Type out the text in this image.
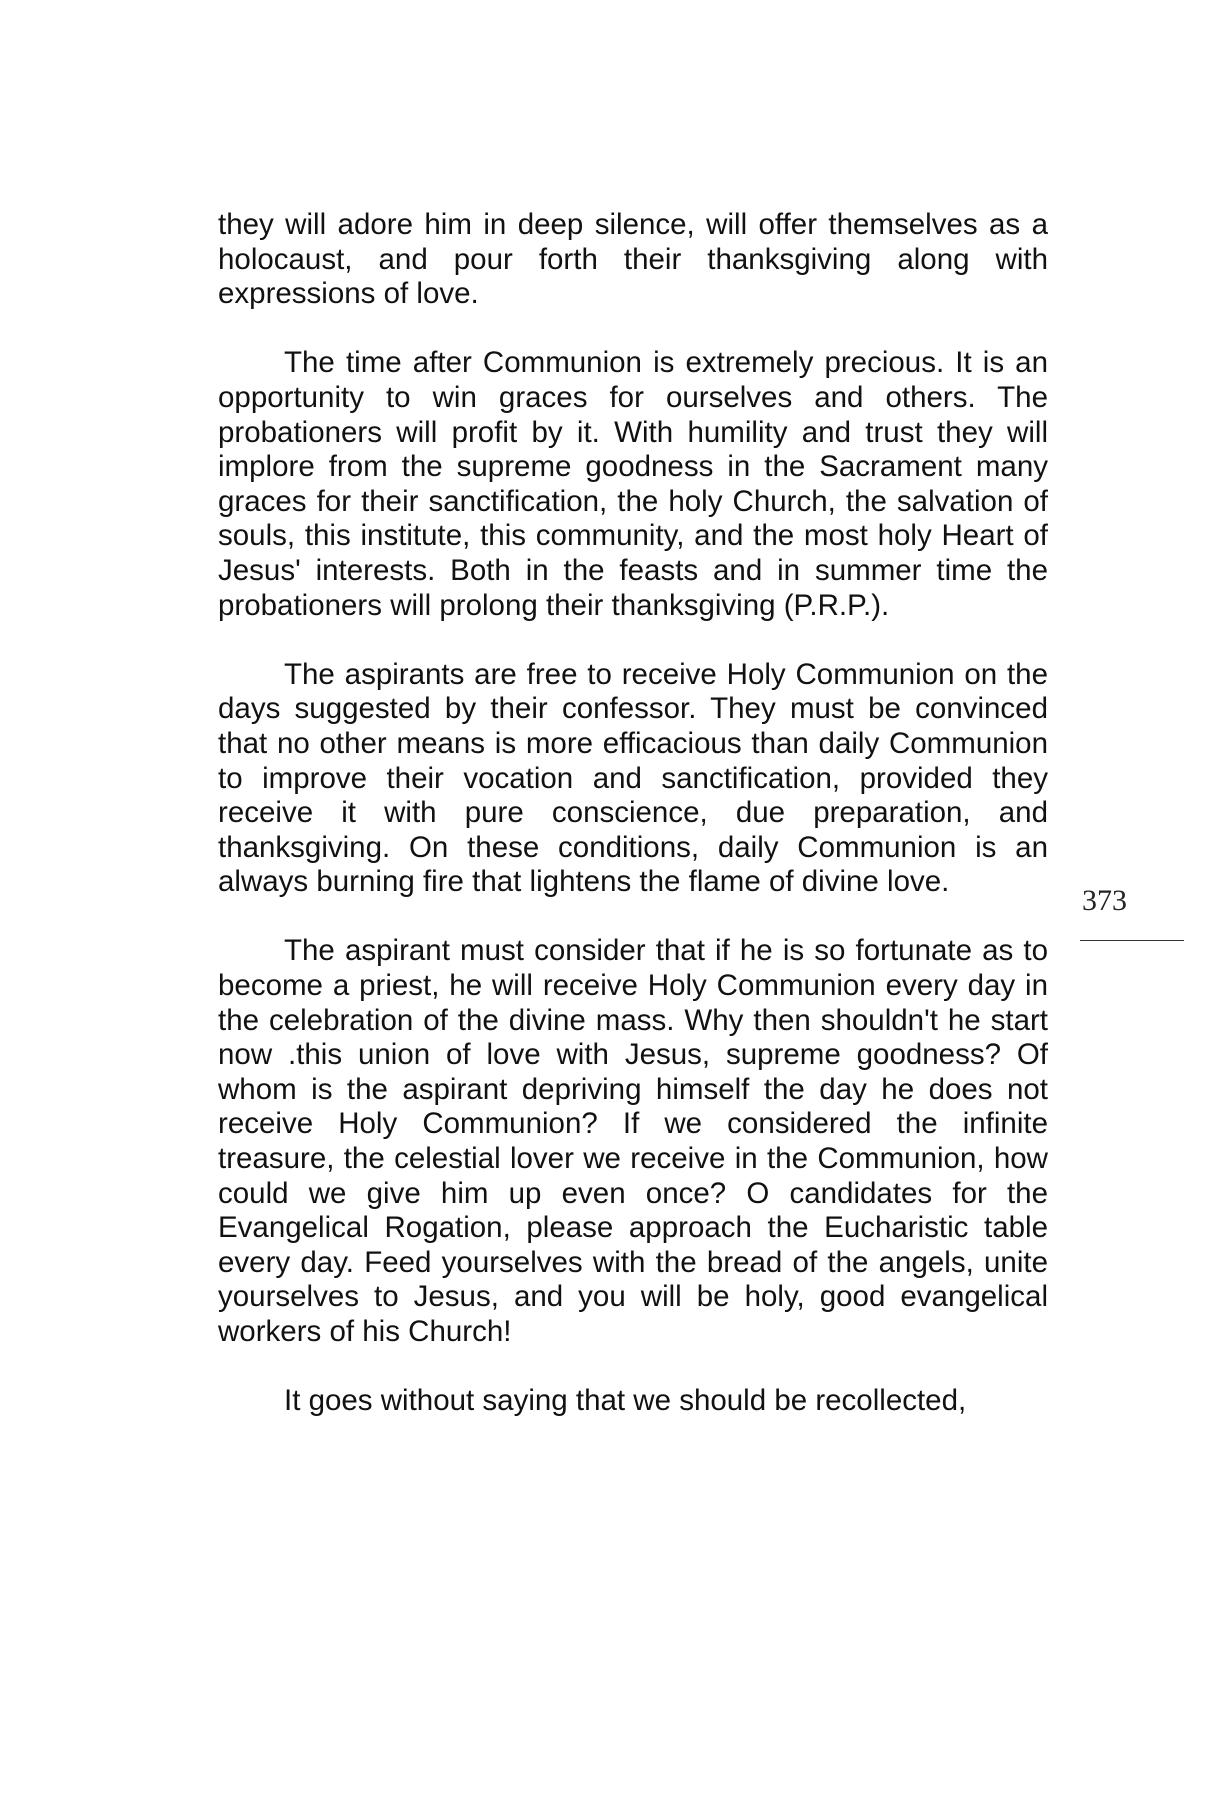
they will adore him in deep silence, will offer themselves as a holocaust, and pour forth their thanksgiving along with expressions of love.

The time after Communion is extremely precious. It is an opportunity to win graces for ourselves and others. The probationers will profit by it. With humility and trust they will implore from the supreme goodness in the Sacrament many graces for their sanctification, the holy Church, the salvation of souls, this institute, this community, and the most holy Heart of Jesus' interests. Both in the feasts and in summer time the probationers will prolong their thanksgiving (P.R.P.).

The aspirants are free to receive Holy Communion on the days suggested by their confessor. They must be convinced that no other means is more efficacious than daily Communion to improve their vocation and sanctification, provided they receive it with pure conscience, due preparation, and thanksgiving. On these conditions, daily Communion is an always burning fire that lightens the flame of divine love.

The aspirant must consider that if he is so fortunate as to become a priest, he will receive Holy Communion every day in the celebration of the divine mass. Why then shouldn't he start now .this union of love with Jesus, supreme goodness? Of whom is the aspirant depriving himself the day he does not receive Holy Communion? If we considered the infinite treasure, the celestial lover we receive in the Communion, how could we give him up even once? O candidates for the Evangelical Rogation, please approach the Eucharistic table every day. Feed yourselves with the bread of the angels, unite yourselves to Jesus, and you will be holy, good evangelical workers of his Church!

It goes without saying that we should be recollected,

373
